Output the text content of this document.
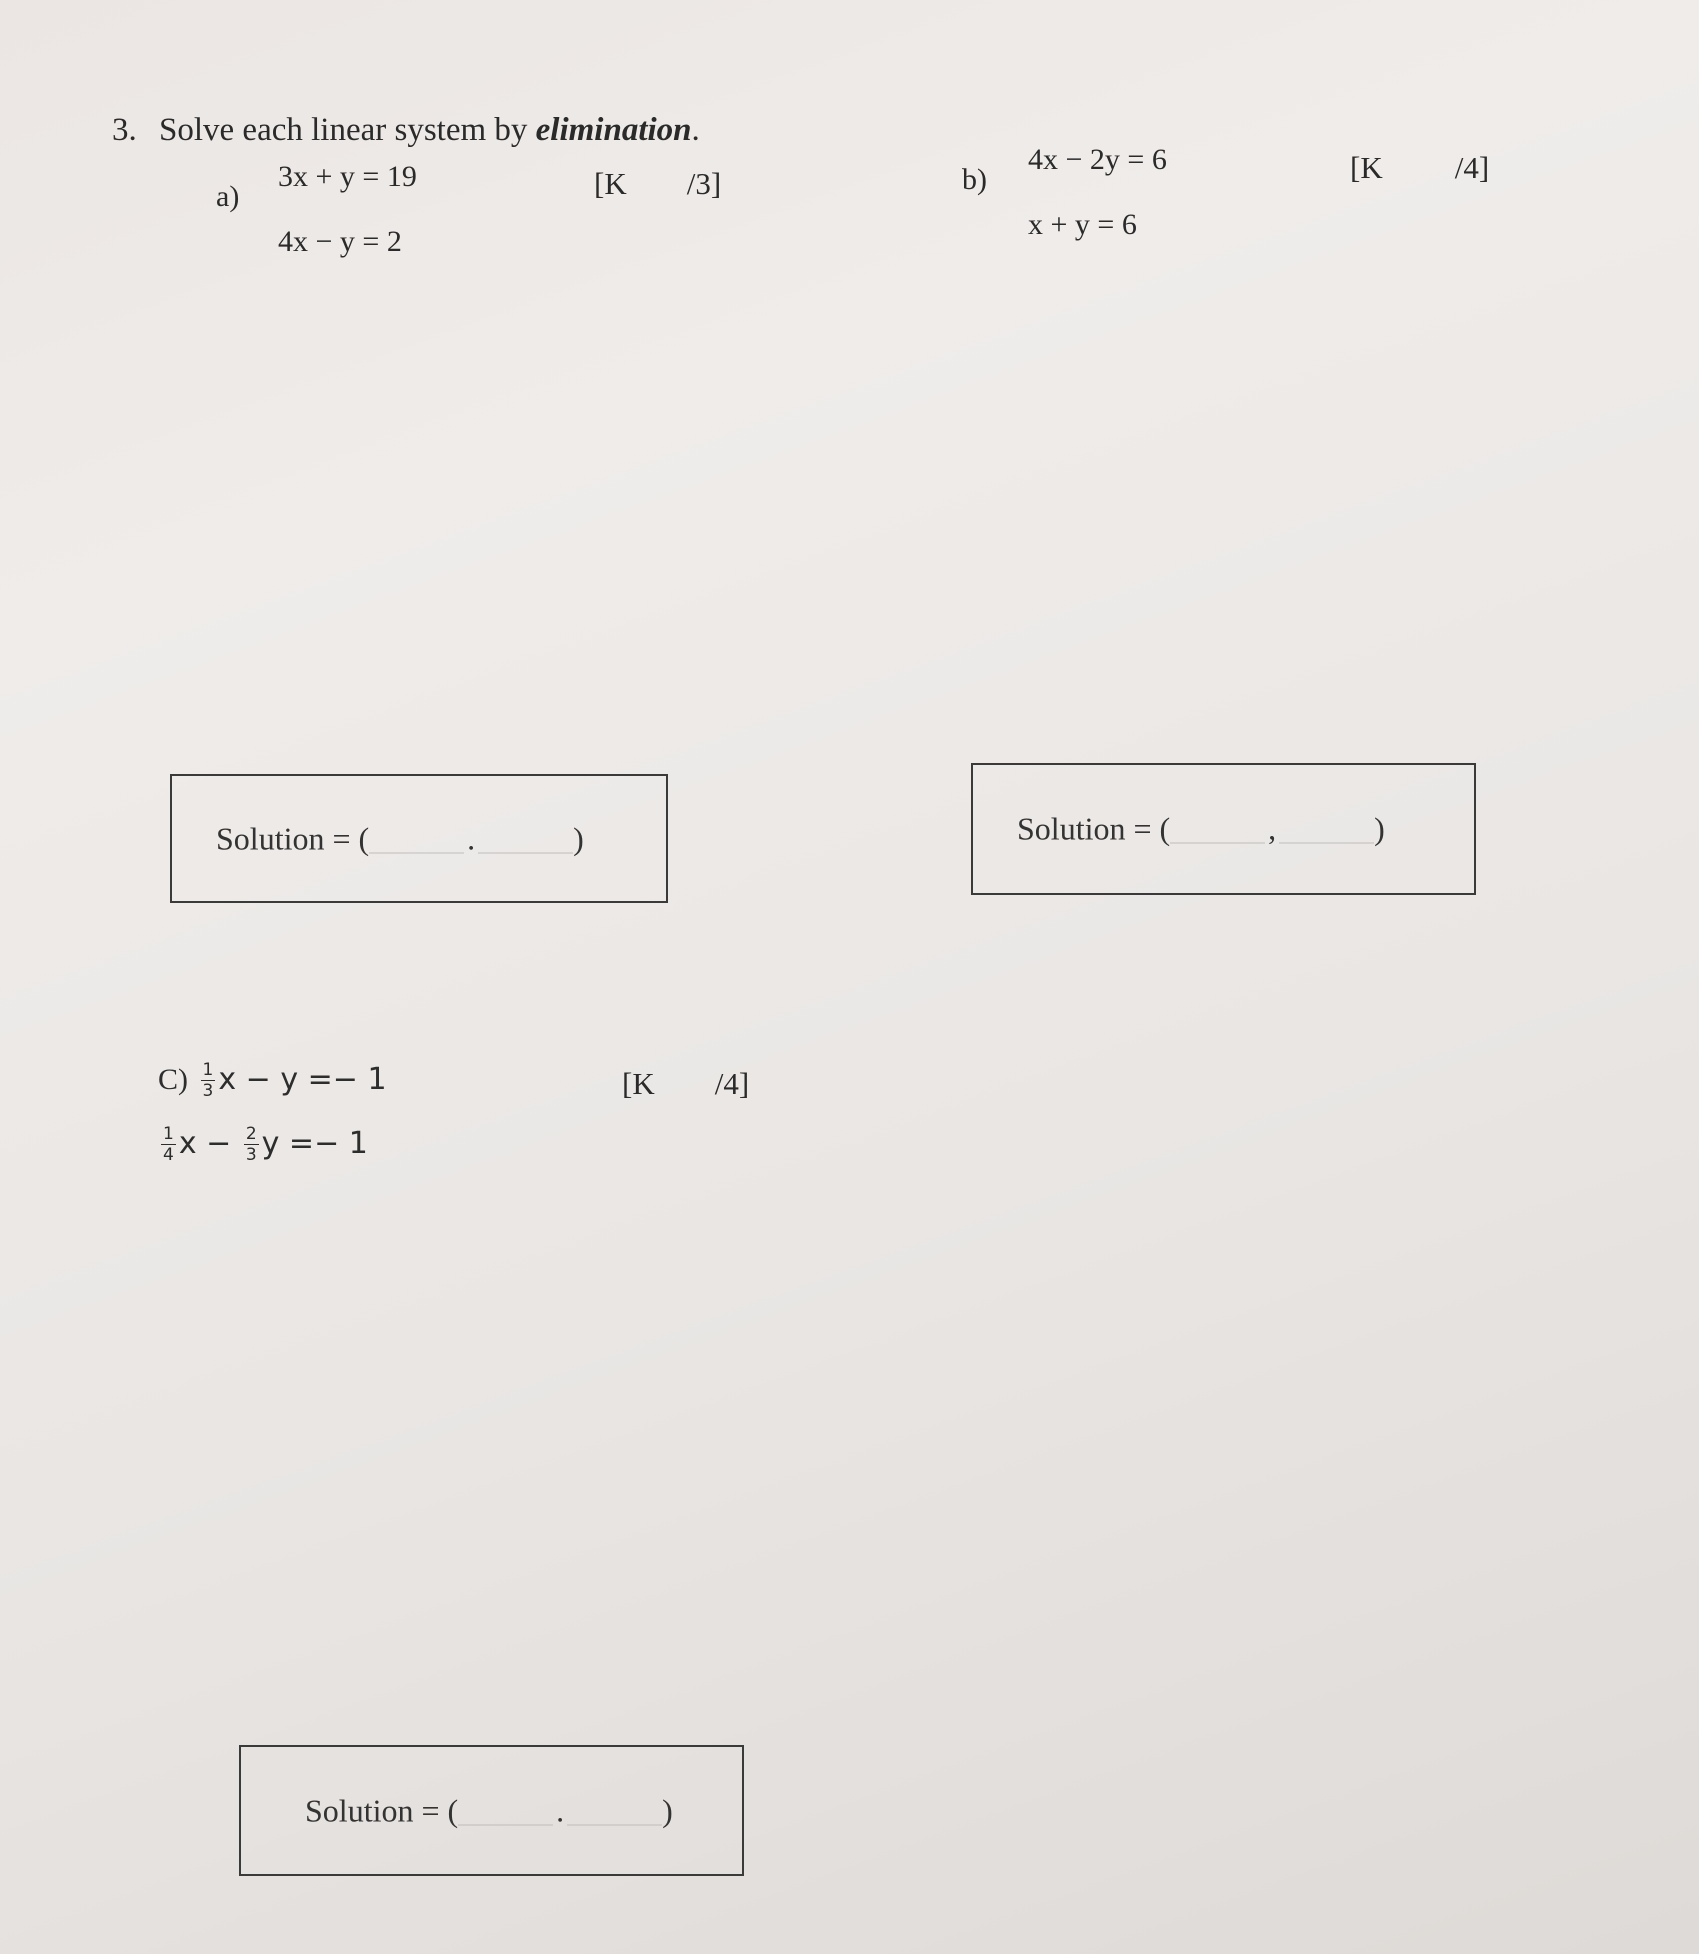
3. Solve each linear system by elimination.
a)
3x + y = 19
4x − y = 2
[K /3]	b)
4x − 2y = 6
x + y = 6
[K /4]
Solution = (	.	)	Solution = (	,	)
$C) \frac{1}{3}$ x − y =− 1	[K /4]
$\frac{1}{4}$ $x - \frac{2}{3}$ y =− 1
Solution = (	.	)
